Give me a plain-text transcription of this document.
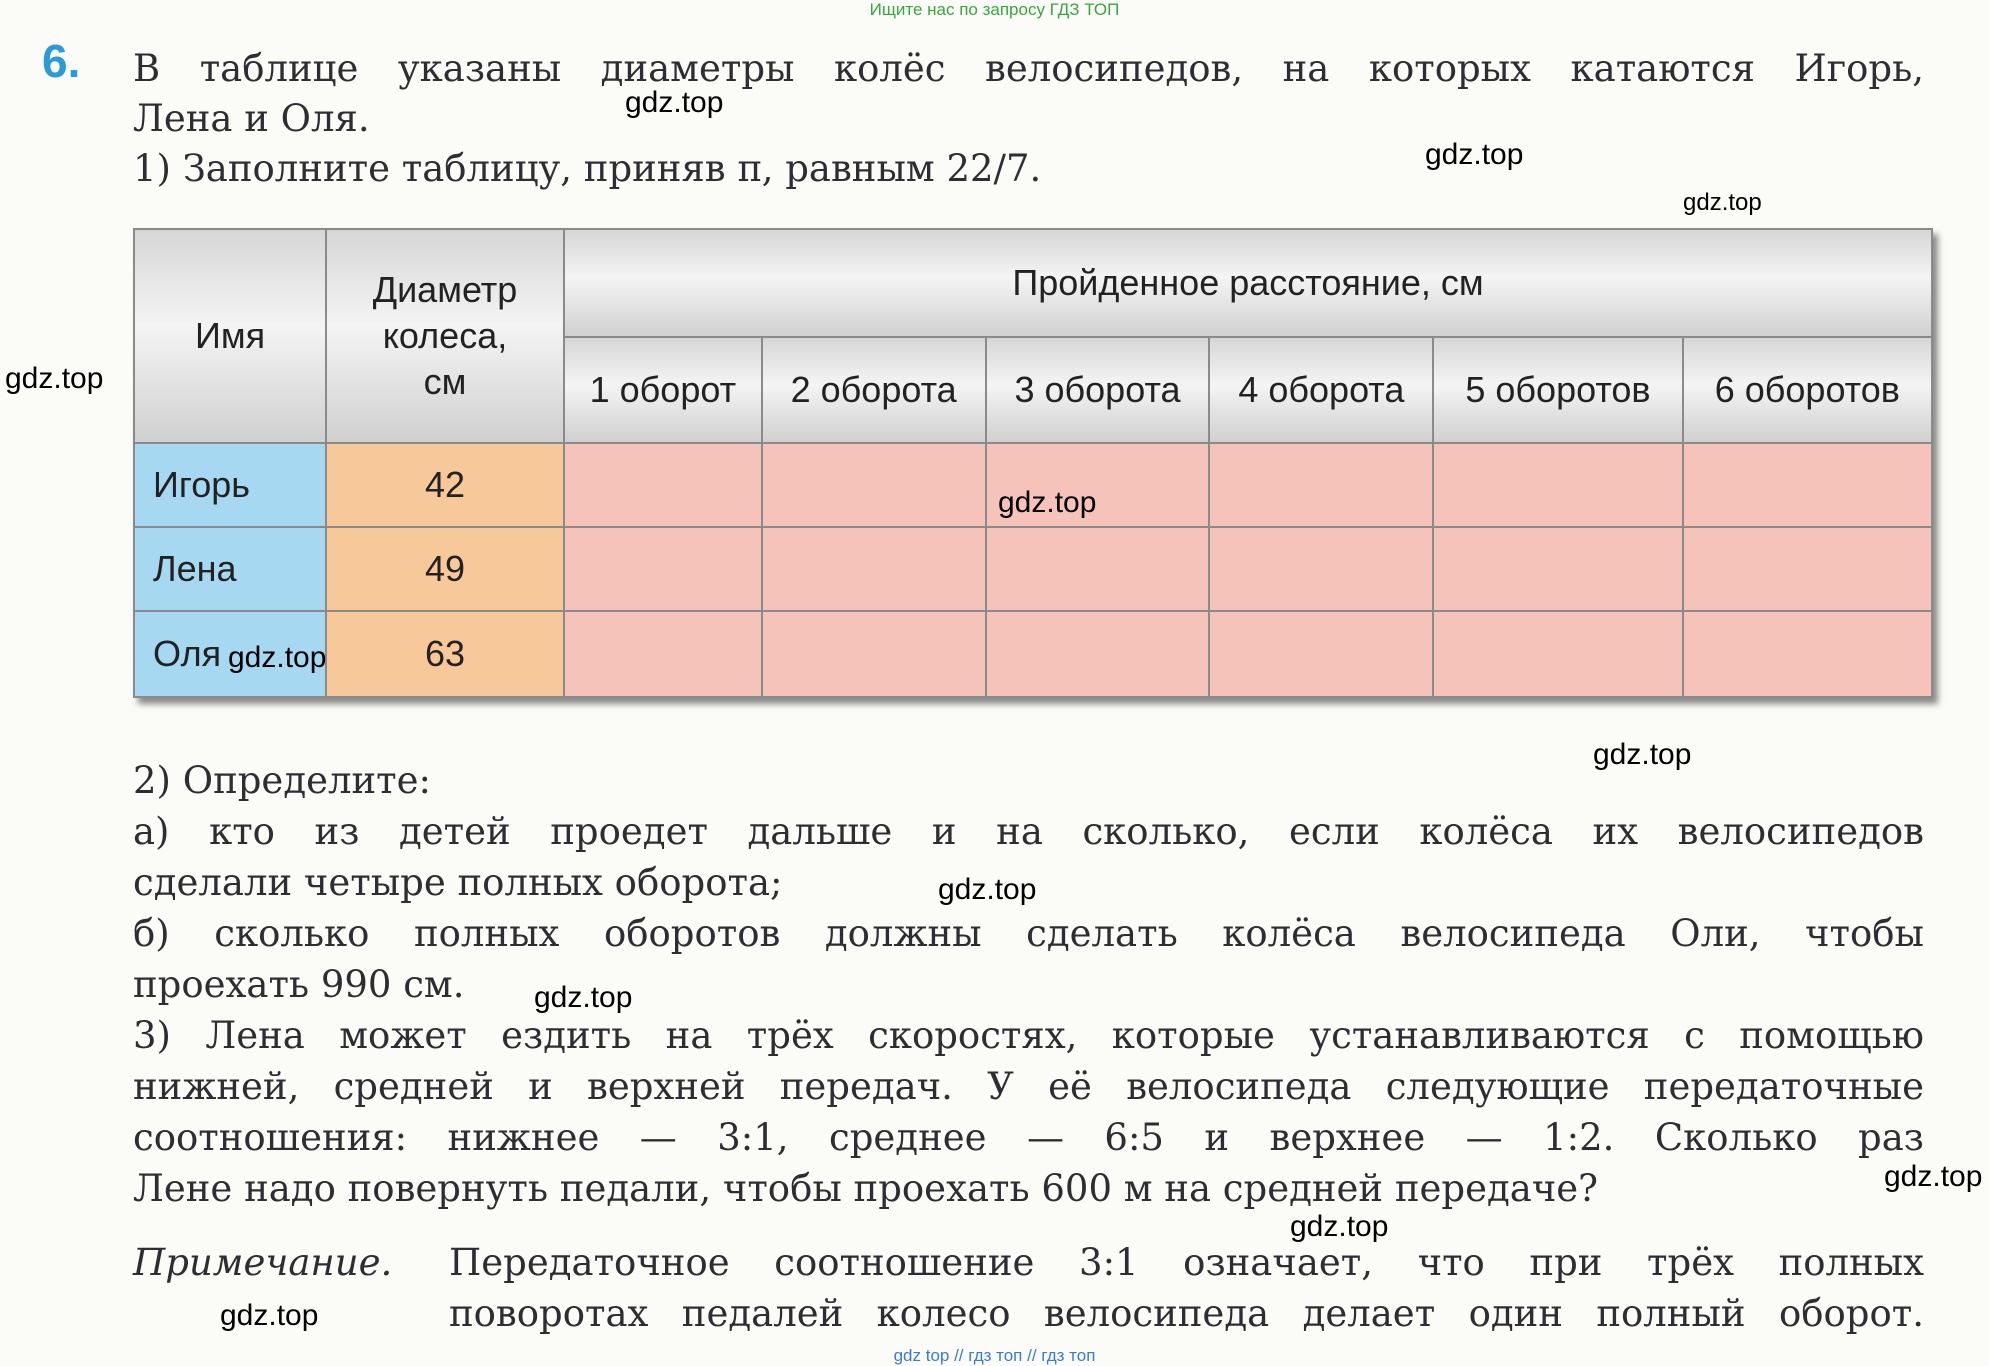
Ищите нас по запросу ГДЗ ТОП
6. В таблице указаны диаметры колёс велосипедов, на которых катаются Игорь,
Лена и Оля.
1) Заполните таблицу, приняв π, равным 22/7.
Имя	Диаметр
колеса,
см	Пройденное расстояние, см					
		1 оборот	2 оборота	3 оборота	4 оборота	5 оборотов	6 оборотов
Игорь	42						
Лена	49						
Оля	63						
2) Определите:
а) кто из детей проедет дальше и на сколько, если колёса их велосипедов
сделали четыре полных оборота;
б) сколько полных оборотов должны сделать колёса велосипеда Оли, чтобы
проехать 990 см.
3) Лена может ездить на трёх скоростях, которые устанавливаются с помощью
нижней, средней и верхней передач. У её велосипеда следующие передаточные
соотношения: нижнее — 3:1, среднее — 6:5 и верхнее — 1:2. Сколько раз
Лене надо повернуть педали, чтобы проехать 600 м на средней передаче?
Примечание. Передаточное соотношение 3:1 означает, что при трёх полных
поворотах педалей колесо велосипеда делает один полный оборот.
gdz.top
gdz.top
gdz.top
gdz.top
gdz.top
gdz.top
gdz.top
gdz.top
gdz.top
gdz.top
gdz.top
gdz.top
gdz top // гдз топ // гдз топ
